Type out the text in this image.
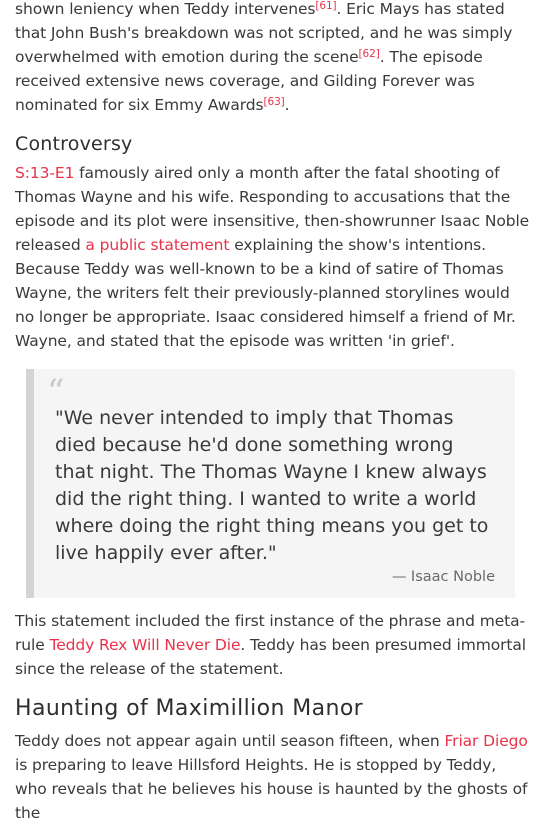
shown leniency when Teddy intervenes[61]. Eric Mays has stated that John Bush's breakdown was not scripted, and he was simply overwhelmed with emotion during the scene[62]. The episode received extensive news coverage, and Gilding Forever was nominated for six Emmy Awards[63].

Controversy

S:13-E1 famously aired only a month after the fatal shooting of Thomas Wayne and his wife. Responding to accusations that the episode and its plot were insensitive, then-showrunner Isaac Noble released a public statement explaining the show's intentions. Because Teddy was well-known to be a kind of satire of Thomas Wayne, the writers felt their previously-planned storylines would no longer be appropriate. Isaac considered himself a friend of Mr. Wayne, and stated that the episode was written 'in grief'.

“

"We never intended to imply that Thomas died because he'd done something wrong that night. The Thomas Wayne I knew always did the right thing. I wanted to write a world where doing the right thing means you get to live happily ever after."

— Isaac Noble

This statement included the first instance of the phrase and meta-rule Teddy Rex Will Never Die. Teddy has been presumed immortal since the release of the statement.

Haunting of Maximillion Manor

Teddy does not appear again until season fifteen, when Friar Diego is preparing to leave Hillsford Heights. He is stopped by Teddy, who reveals that he believes his house is haunted by the ghosts of the
